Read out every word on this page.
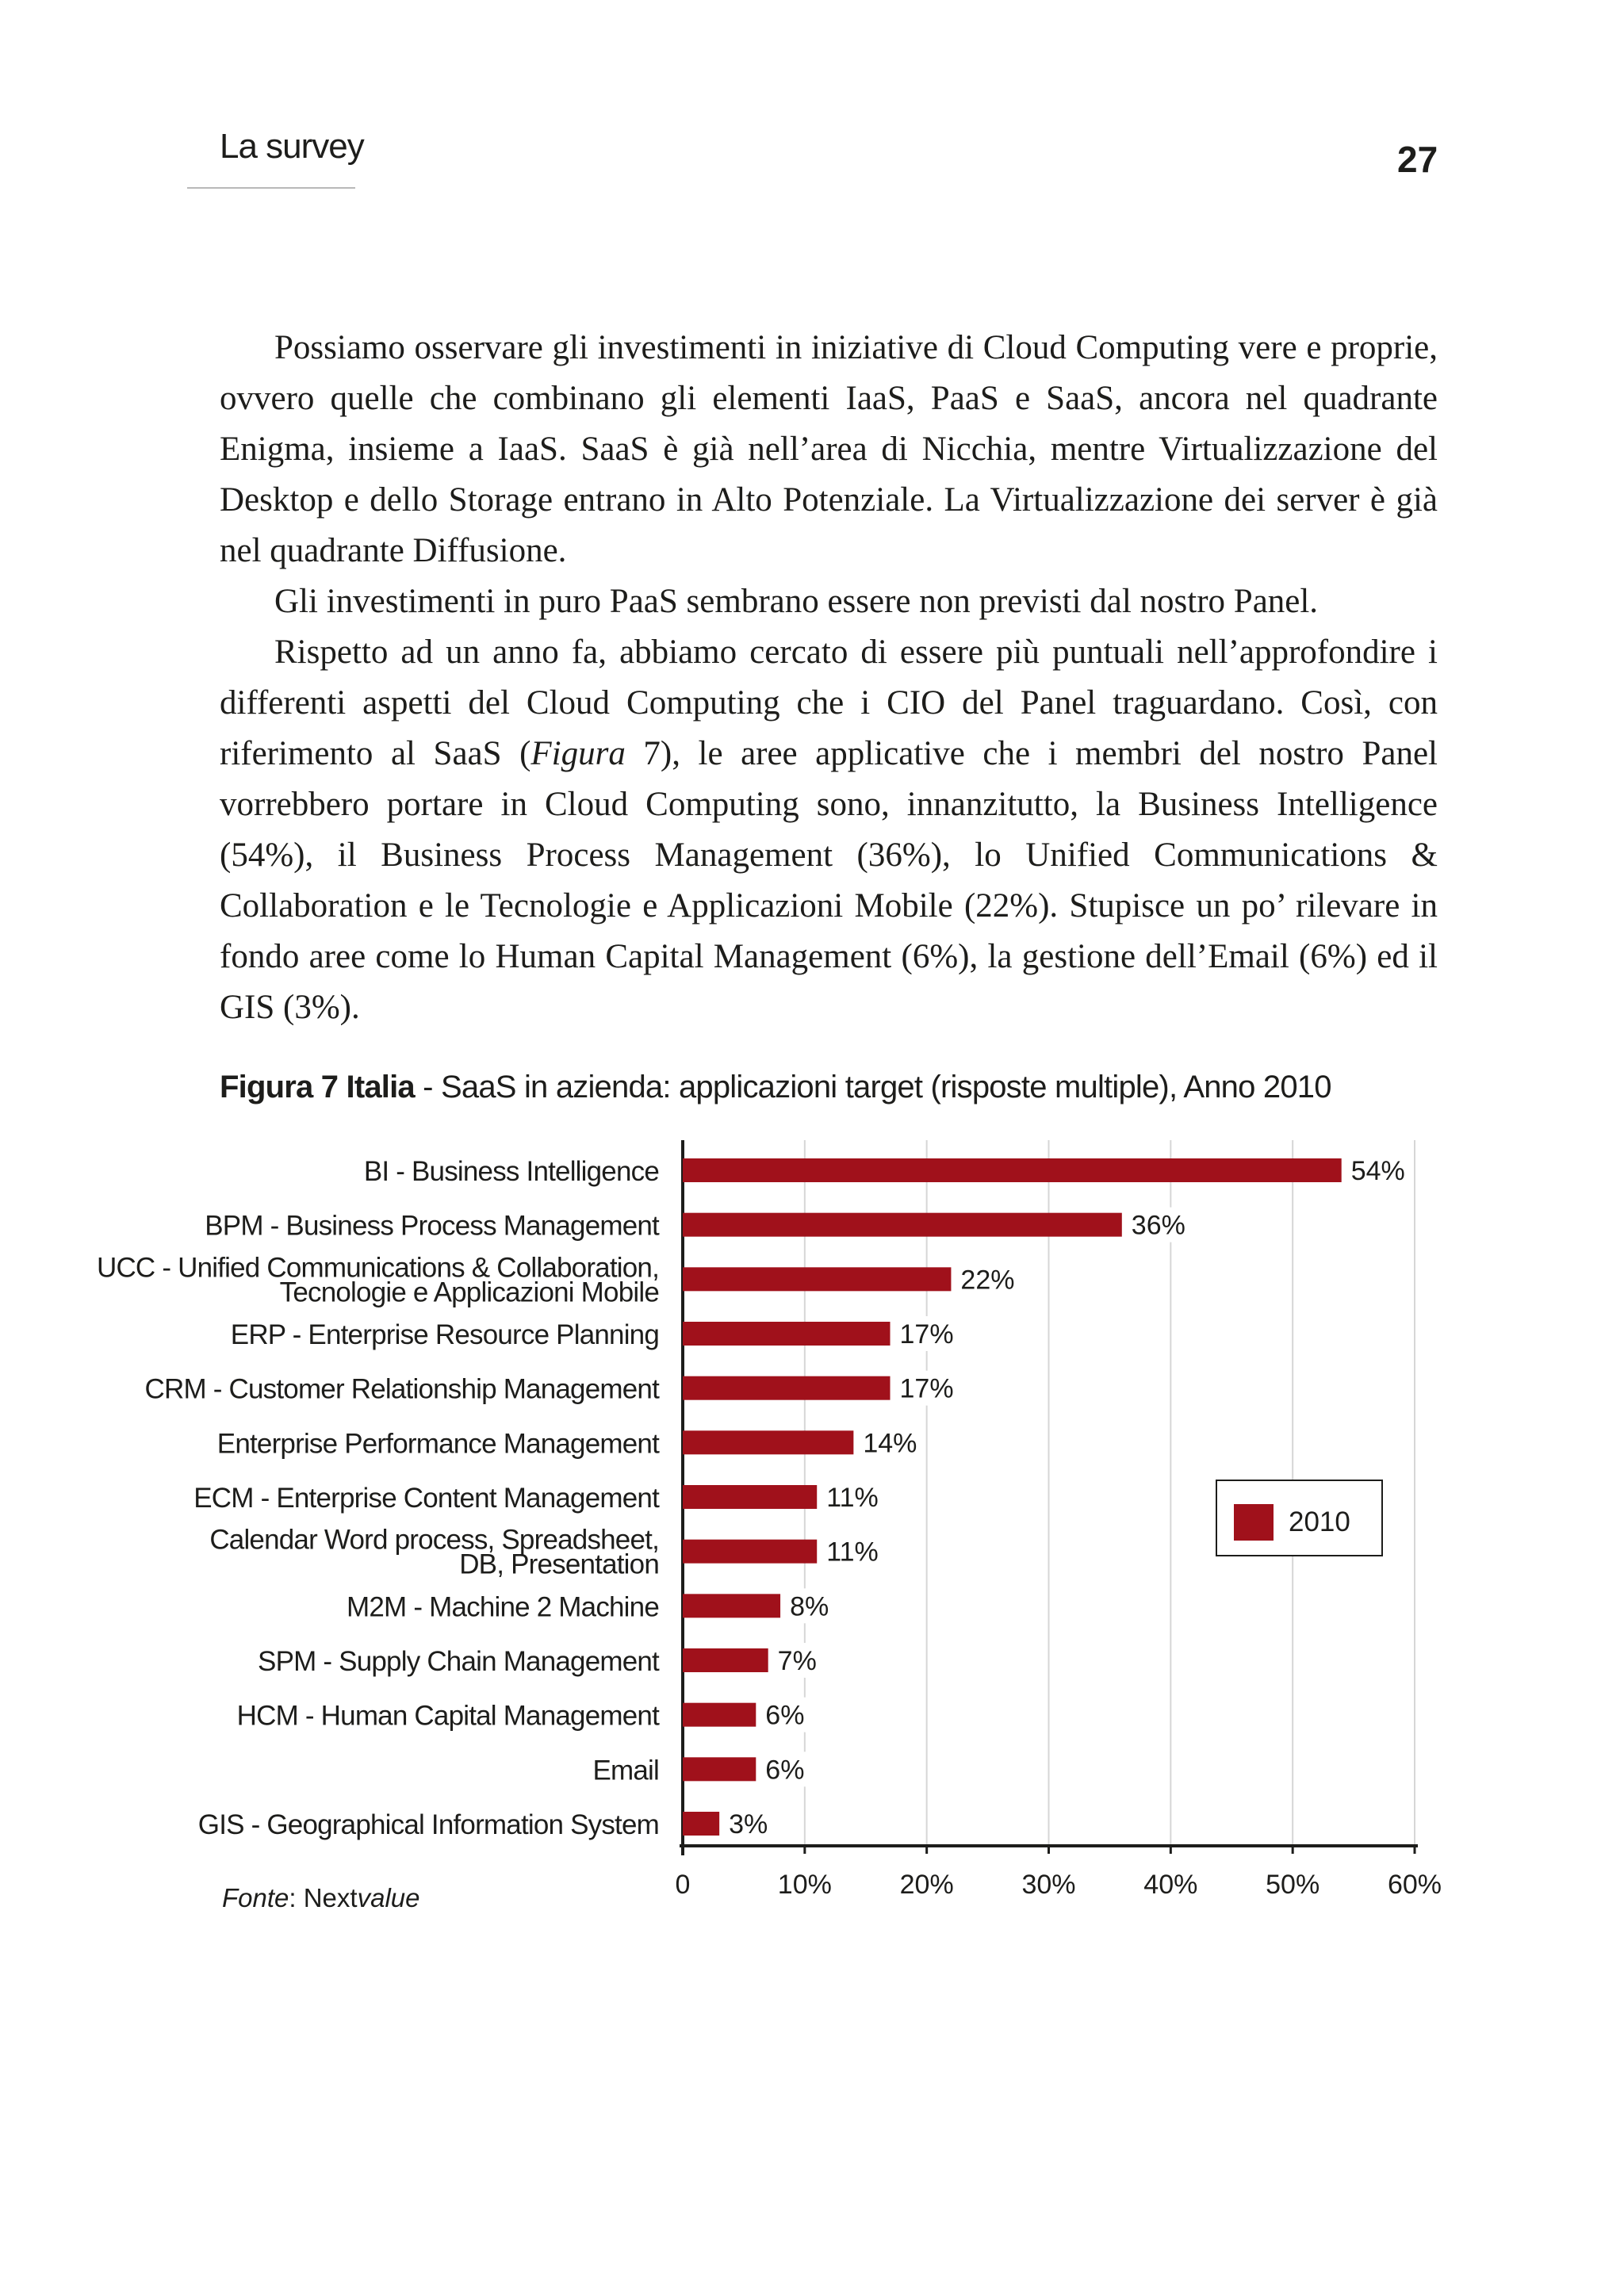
La survey	27

Possiamo osservare gli investimenti in iniziative di Cloud Computing vere e proprie, ovvero quelle che combinano gli elementi IaaS, PaaS e SaaS, ancora nel quadrante Enigma, insieme a IaaS. SaaS è già nell’area di Nicchia, mentre Virtualizzazione del Desktop e dello Storage entrano in Alto Potenziale. La Virtualizzazione dei server è già nel quadrante Diffusione.

Gli investimenti in puro PaaS sembrano essere non previsti dal nostro Panel.

Rispetto ad un anno fa, abbiamo cercato di essere più puntuali nell’approfondire i differenti aspetti del Cloud Computing che i CIO del Panel traguardano. Così, con riferimento al SaaS (Figura 7), le aree applicative che i membri del nostro Panel vorrebbero portare in Cloud Computing sono, innanzitutto, la Business Intelligence (54%), il Business Process Management (36%), lo Unified Communications & Collaboration e le Tecnologie e Applicazioni Mobile (22%). Stupisce un po’ rilevare in fondo aree come lo Human Capital Management (6%), la gestione dell’Email (6%) ed il GIS (3%).

Figura 7 Italia - SaaS in azienda: applicazioni target (risposte multiple), Anno 2010
0	10%	20%	30%	40%	50%	60%
BI - Business Intelligence	54%
BPM - Business Process Management	36%
UCC - Unified Communications & Collaboration,
Tecnologie e Applicazioni Mobile	22%
ERP - Enterprise Resource Planning	17%
CRM - Customer Relationship Management	17%
Enterprise Performance Management	14%
ECM - Enterprise Content Management	11%
Calendar Word process, Spreadsheet,
DB, Presentation	11%
M2M - Machine 2 Machine	8%
SPM - Supply Chain Management	7%
HCM - Human Capital Management	6%
Email	6%
GIS - Geographical Information System	3%
2010
Fonte: Nextvalue
